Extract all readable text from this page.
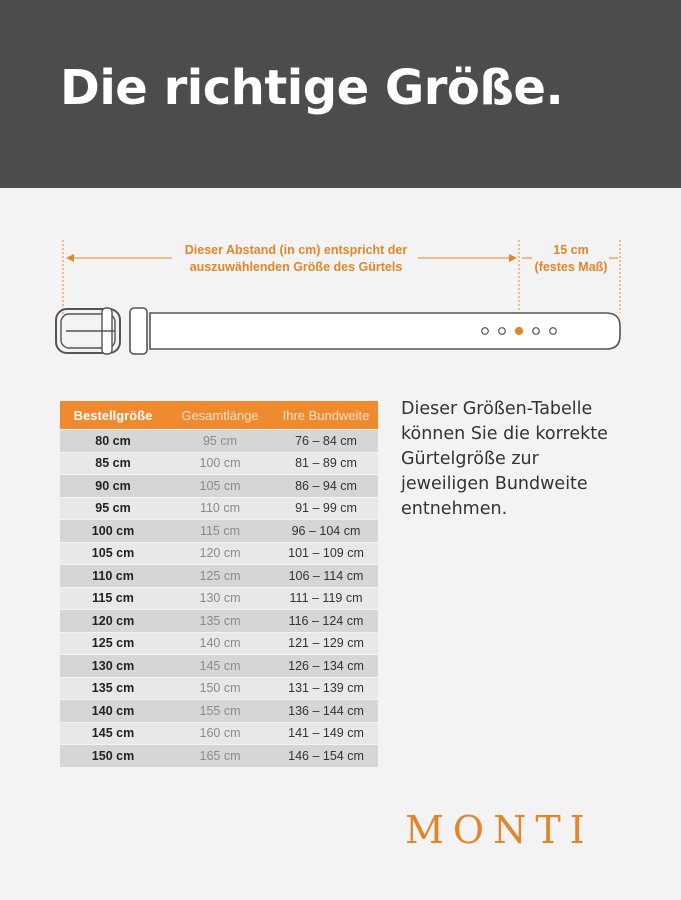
Die richtige Größe.
Dieser Abstand (in cm) entspricht der
auszuwählenden Größe des Gürtels
15 cm
(festes Maß)
Bestellgröße	Gesamtlänge	Ihre Bundweite
80 cm	95 cm	76 – 84 cm
85 cm	100 cm	81 – 89 cm
90 cm	105 cm	86 – 94 cm
95 cm	110 cm	91 – 99 cm
100 cm	115 cm	96 – 104 cm
105 cm	120 cm	101 – 109 cm
110 cm	125 cm	106 – 114 cm
115 cm	130 cm	111 – 119 cm
120 cm	135 cm	116 – 124 cm
125 cm	140 cm	121 – 129 cm
130 cm	145 cm	126 – 134 cm
135 cm	150 cm	131 – 139 cm
140 cm	155 cm	136 – 144 cm
145 cm	160 cm	141 – 149 cm
150 cm	165 cm	146 – 154 cm
Dieser Größen-Tabelle
können Sie die korrekte
Gürtelgröße zur
jeweiligen Bundweite
entnehmen.
MONTI
